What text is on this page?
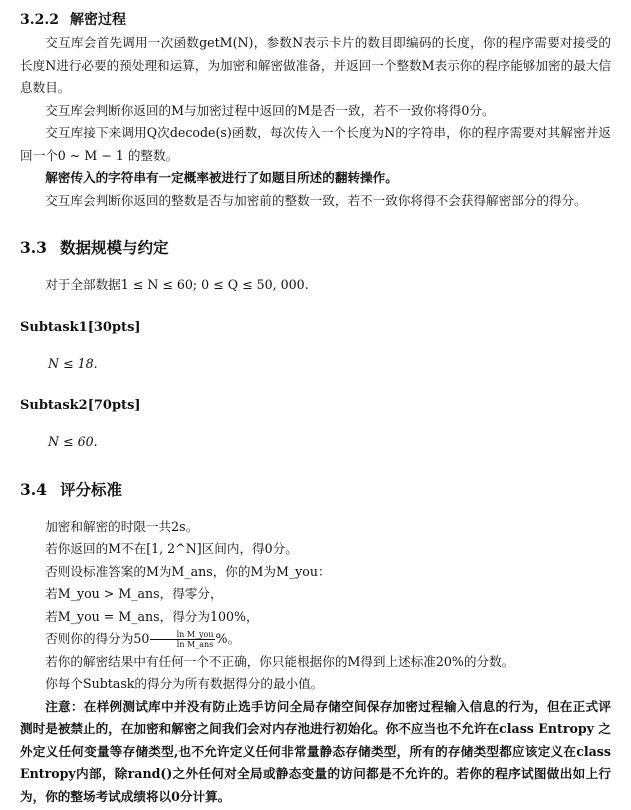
3.2.2 解密过程

交互库会首先调用一次函数getM(N)，参数N表示卡片的数目即编码的长度，你的程序需要对接受的长度N进行必要的预处理和运算，为加密和解密做准备，并返回一个整数M表示你的程序能够加密的最大信息数目。

交互库会判断你返回的M与加密过程中返回的M是否一致，若不一致你将得0分。

交互库接下来调用Q次decode(s)函数，每次传入一个长度为N的字符串，你的程序需要对其解密并返回一个0 ~ M − 1 的整数。

解密传入的字符串有一定概率被进行了如题目所述的翻转操作。

交互库会判断你返回的整数是否与加密前的整数一致，若不一致你将得不会获得解密部分的得分。

3.3 数据规模与约定

对于全部数据1 ≤ N ≤ 60; 0 ≤ Q ≤ 50, 000.

Subtask1[30pts]
N ≤ 18.
Subtask2[70pts]
N ≤ 60.
3.4 评分标准

加密和解密的时限一共2s。

若你返回的M不在[1, 2^N]区间内，得0分。

否则设标准答案的M为M_ans，你的M为M_you：

若M_you > M_ans，得零分，

若M_you = M_ans，得分为100%，

否则你的得分为$50 \frac{\text{ln M\_you}}{\text{ln M\_ans}}$ %。

若你的解密结果中有任何一个不正确，你只能根据你的M得到上述标准20%的分数。

你每个Subtask的得分为所有数据得分的最小值。

注意：在样例测试库中并没有防止选手访问全局存储空间保存加密过程输入信息的行为，但在正式评测时是被禁止的，在加密和解密之间我们会对内存池进行初始化。你不应当也不允许在class Entropy 之外定义任何变量等存储类型,也不允许定义任何非常量静态存储类型，所有的存储类型都应该定义在class Entropy内部，除rand()之外任何对全局或静态变量的访问都是不允许的。若你的程序试图做出如上行为，你的整场考试成绩将以0分计算。
